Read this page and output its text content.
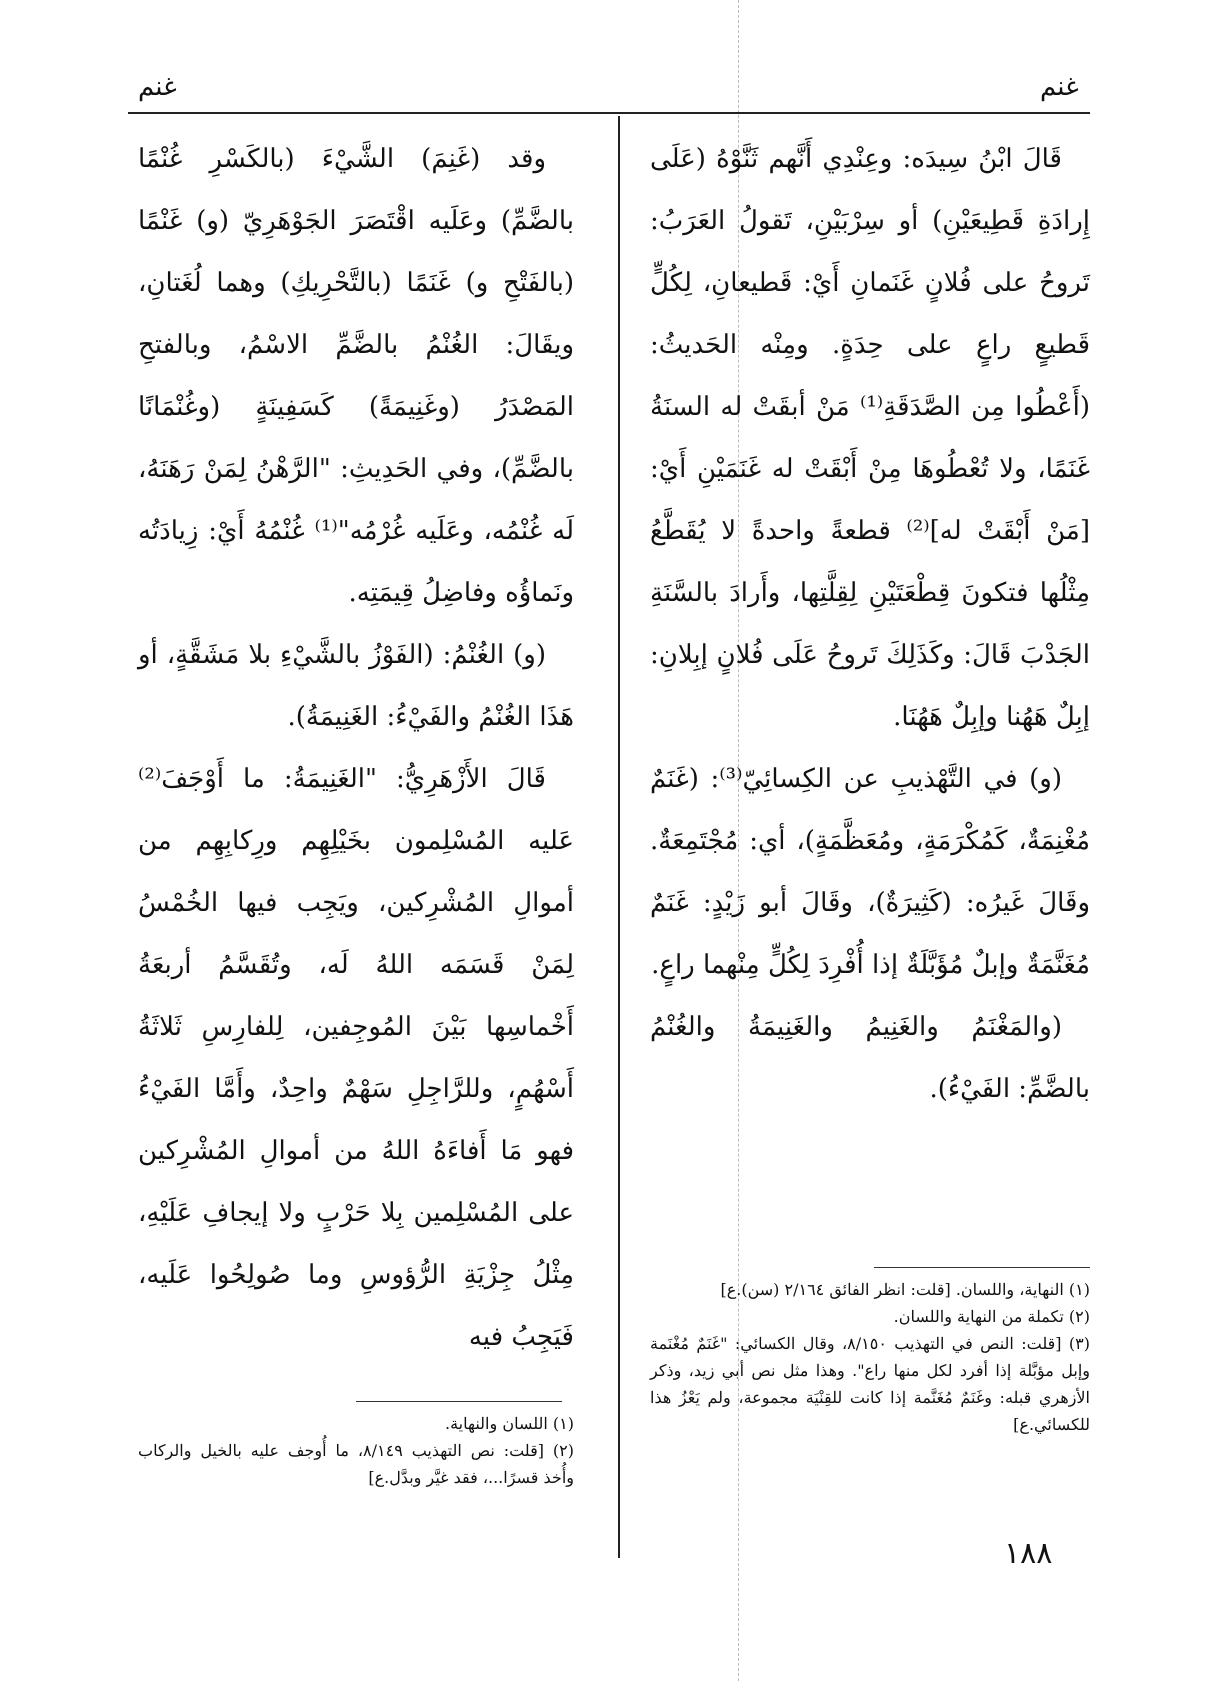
غنم	غنم

قَالَ ابْنُ سِيدَه: وعِنْدِي أَنَّهم ثَنَّوْهُ (عَلَى إِرادَةِ قَطِيعَيْنِ) أو سِرْبَيْنِ، تَقولُ العَرَبُ: تَروحُ على فُلانٍ غَنَمانِ أَيْ: قَطيعانِ، لِكُلٍّ قَطيعٍ راعٍ على حِدَةٍ. ومِنْه الحَديثُ: (أَعْطُوا مِن الصَّدَقَةِ⁽¹⁾ مَنْ أبقَتْ له السنَةُ غَنَمًا، ولا تُعْطُوهَا مِنْ أَبْقَتْ له غَنَمَيْنِ أَيْ: [مَنْ أَبْقَتْ له]⁽²⁾ قطعةً واحدةً لا يُقَطَّعُ مِثْلُها فتكونَ قِطْعَتَيْنِ لِقِلَّتِها، وأَرادَ بالسَّنَةِ الجَدْبَ قَالَ: وكَذَلِكَ تَروحُ عَلَى فُلانٍ إبِلانِ: إبِلٌ هَهُنا وإبِلٌ هَهُنَا.

(و) في التَّهْذيبِ عن الكِسائِيّ⁽³⁾: (غَنَمٌ مُغْنِمَةٌ، كَمُكْرَمَةٍ، ومُعَظَّمَةٍ)، أي: مُجْتَمِعَةٌ. وقَالَ غَيرُه: (كَثِيرَةٌ)، وقَالَ أبو زَيْدٍ: غَنَمٌ مُغَنَّمَةٌ وإبلٌ مُؤَبَّلَةٌ إذا أُفْرِدَ لِكُلٍّ مِنْهما راعٍ.

(والمَغْنَمُ والغَنِيمُ والغَنِيمَةُ والغُنْمُ بالضَّمِّ: الفَيْءُ).

وقد (غَنِمَ) الشَّيْءَ (بالكَسْرِ غُنْمًا بالضَّمِّ) وعَلَيه اقْتَصَرَ الجَوْهَرِيّ (و) غَنْمًا (بالفَتْحِ و) غَنَمًا (بالتَّحْرِيكِ) وهما لُغَتانِ، ويقَالَ: الغُنْمُ بالضَّمِّ الاسْمُ، وبالفتحِ المَصْدَرُ (وغَنِيمَةً) كَسَفِينَةٍ (وغُنْمَانًا بالضَّمِّ)، وفي الحَدِيثِ: "الرَّهْنُ لِمَنْ رَهَنَهُ، لَه غُنْمُه، وعَلَيه غُرْمُه"⁽¹⁾ غُنْمُهُ أَيْ: زِيادَتُه ونَماؤُه وفاضِلُ قِيمَتِه.

(و) الغُنْمُ: (الفَوْزُ بالشَّيْءِ بلا مَشَقَّةٍ، أو هَذَا الغُنْمُ والفَيْءُ: الغَنِيمَةُ).

قَالَ الأَزْهَرِيُّ: "الغَنِيمَةُ: ما أَوْجَفَ⁽²⁾ عَليه المُسْلِمون بخَيْلِهِم ورِكابِهِم من أموالِ المُشْرِكين، ويَجِب فيها الخُمْسُ لِمَنْ قَسَمَه اللهُ لَه، وتُقَسَّمُ أربعَةُ أَخْماسِها بَيْنَ المُوجِفين، لِلفارِسِ ثَلاثَةُ أَسْهُمٍ، وللرَّاجِلِ سَهْمٌ واحِدٌ، وأَمَّا الفَيْءُ فهو مَا أَفاءَهُ اللهُ من أموالِ المُشْرِكين على المُسْلِمين بِلا حَرْبٍ ولا إيجافِ عَلَيْهِ، مِثْلُ جِزْيَةِ الرُّؤوسِ وما صُولِحُوا عَلَيه، فَيَجِبُ فيه

(١) النهاية، واللسان. [قلت: انظر الفائق ٢/١٦٤ (سن).ع]

(٢) تكملة من النهاية واللسان.

(٣) [قلت: النص في التهذيب ٨/١٥٠، وقال الكسائي: "غَنَمٌ مُغْنَمة وإبل مؤبَّلة إذا أفرد لكل منها راع". وهذا مثل نص أبي زيد، وذكر الأزهري قبله: وغَنَمٌ مُغَنَّمة إذا كانت للقِنْيَة مجموعة، ولم يَعْزُ هذا للكسائي.ع]

(١) اللسان والنهاية.

(٢) [قلت: نص التهذيب ٨/١٤٩، ما أُوجف عليه بالخيل والركاب وأُخذ قسرًا...، فقد غيَّر وبدَّل.ع]

١٨٨
